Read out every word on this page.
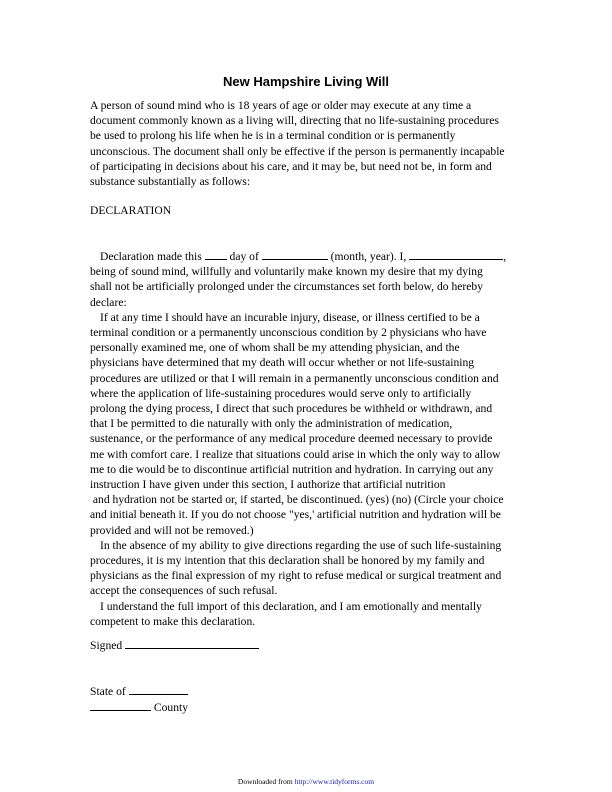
New Hampshire Living Will
A person of sound mind who is 18 years of age or older may execute at any time a
document commonly known as a living will, directing that no life-sustaining procedures
be used to prolong his life when he is in a terminal condition or is permanently
unconscious. The document shall only be effective if the person is permanently incapable
of participating in decisions about his care, and it may be, but need not be, in form and
substance substantially as follows:
DECLARATION
Declaration made this  day of	(month, year). I,	,
being of sound mind, willfully and voluntarily make known my desire that my dying
shall not be artificially prolonged under the circumstances set forth below, do hereby
declare:
If at any time I should have an incurable injury, disease, or illness certified to be a
terminal condition or a permanently unconscious condition by 2 physicians who have
personally examined me, one of whom shall be my attending physician, and the
physicians have determined that my death will occur whether or not life-sustaining
procedures are utilized or that I will remain in a permanently unconscious condition and
where the application of life-sustaining procedures would serve only to artificially
prolong the dying process, I direct that such procedures be withheld or withdrawn, and
that I be permitted to die naturally with only the administration of medication,
sustenance, or the performance of any medical procedure deemed necessary to provide
me with comfort care. I realize that situations could arise in which the only way to allow
me to die would be to discontinue artificial nutrition and hydration. In carrying out any
instruction I have given under this section, I authorize that artificial nutrition
and hydration not be started or, if started, be discontinued. (yes) (no) (Circle your choice
and initial beneath it. If you do not choose "yes,' artificial nutrition and hydration will be
provided and will not be removed.)
In the absence of my ability to give directions regarding the use of such life-sustaining
procedures, it is my intention that this declaration shall be honored by my family and
physicians as the final expression of my right to refuse medical or surgical treatment and
accept the consequences of such refusal.
I understand the full import of this declaration, and I am emotionally and mentally
competent to make this declaration.
Signed
State of
County
Downloaded from http://www.tidyforms.com
